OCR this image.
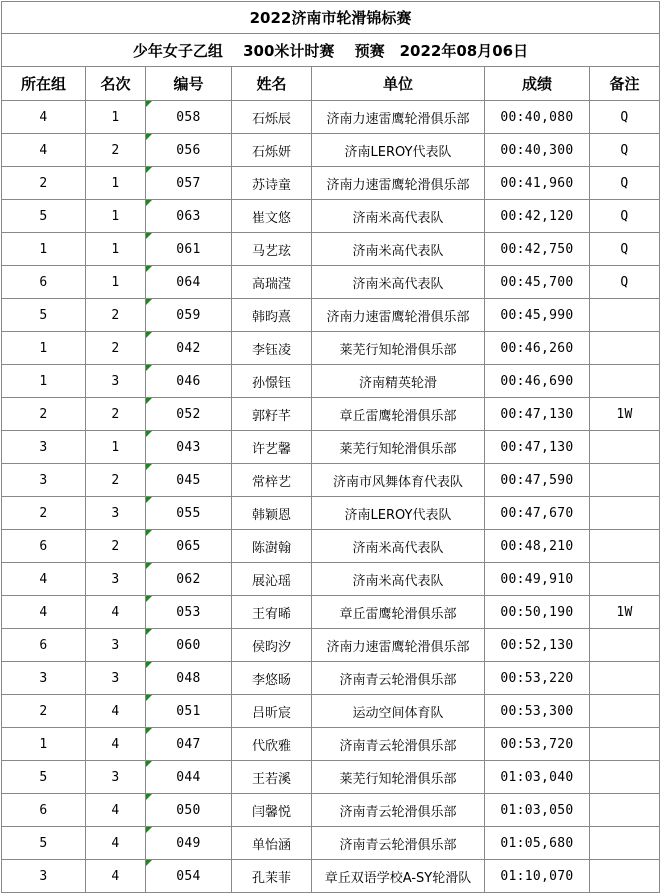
2022济南市轮滑锦标赛						
少年女子乙组　 300米计时赛　 预赛　2022年08月06日						
所在组	名次	编号	姓名	单位	成绩	备注
4	1	058	石烁辰	济南力速雷鹰轮滑俱乐部	00:40,080	Q
4	2	056	石烁妍	济南LEROY代表队	00:40,300	Q
2	1	057	苏诗童	济南力速雷鹰轮滑俱乐部	00:41,960	Q
5	1	063	崔文悠	济南米高代表队	00:42,120	Q
1	1	061	马艺玹	济南米高代表队	00:42,750	Q
6	1	064	高瑞滢	济南米高代表队	00:45,700	Q
5	2	059	韩昀熹	济南力速雷鹰轮滑俱乐部	00:45,990	
1	2	042	李钰凌	莱芜行知轮滑俱乐部	00:46,260	
1	3	046	孙憬钰	济南精英轮滑	00:46,690	
2	2	052	郭籽芊	章丘雷鹰轮滑俱乐部	00:47,130	1W
3	1	043	许艺馨	莱芜行知轮滑俱乐部	00:47,130	
3	2	045	常梓艺	济南市风舞体育代表队	00:47,590	
2	3	055	韩颖恩	济南LEROY代表队	00:47,670	
6	2	065	陈澍翰	济南米高代表队	00:48,210	
4	3	062	展沁瑶	济南米高代表队	00:49,910	
4	4	053	王宥晞	章丘雷鹰轮滑俱乐部	00:50,190	1W
6	3	060	侯昀汐	济南力速雷鹰轮滑俱乐部	00:52,130	
3	3	048	李悠旸	济南青云轮滑俱乐部	00:53,220	
2	4	051	吕昕宸	运动空间体育队	00:53,300	
1	4	047	代欣雅	济南青云轮滑俱乐部	00:53,720	
5	3	044	王若溪	莱芜行知轮滑俱乐部	01:03,040	
6	4	050	闫馨悦	济南青云轮滑俱乐部	01:03,050	
5	4	049	单怡涵	济南青云轮滑俱乐部	01:05,680	
3	4	054	孔茉菲	章丘双语学校A-SY轮滑队	01:10,070	
